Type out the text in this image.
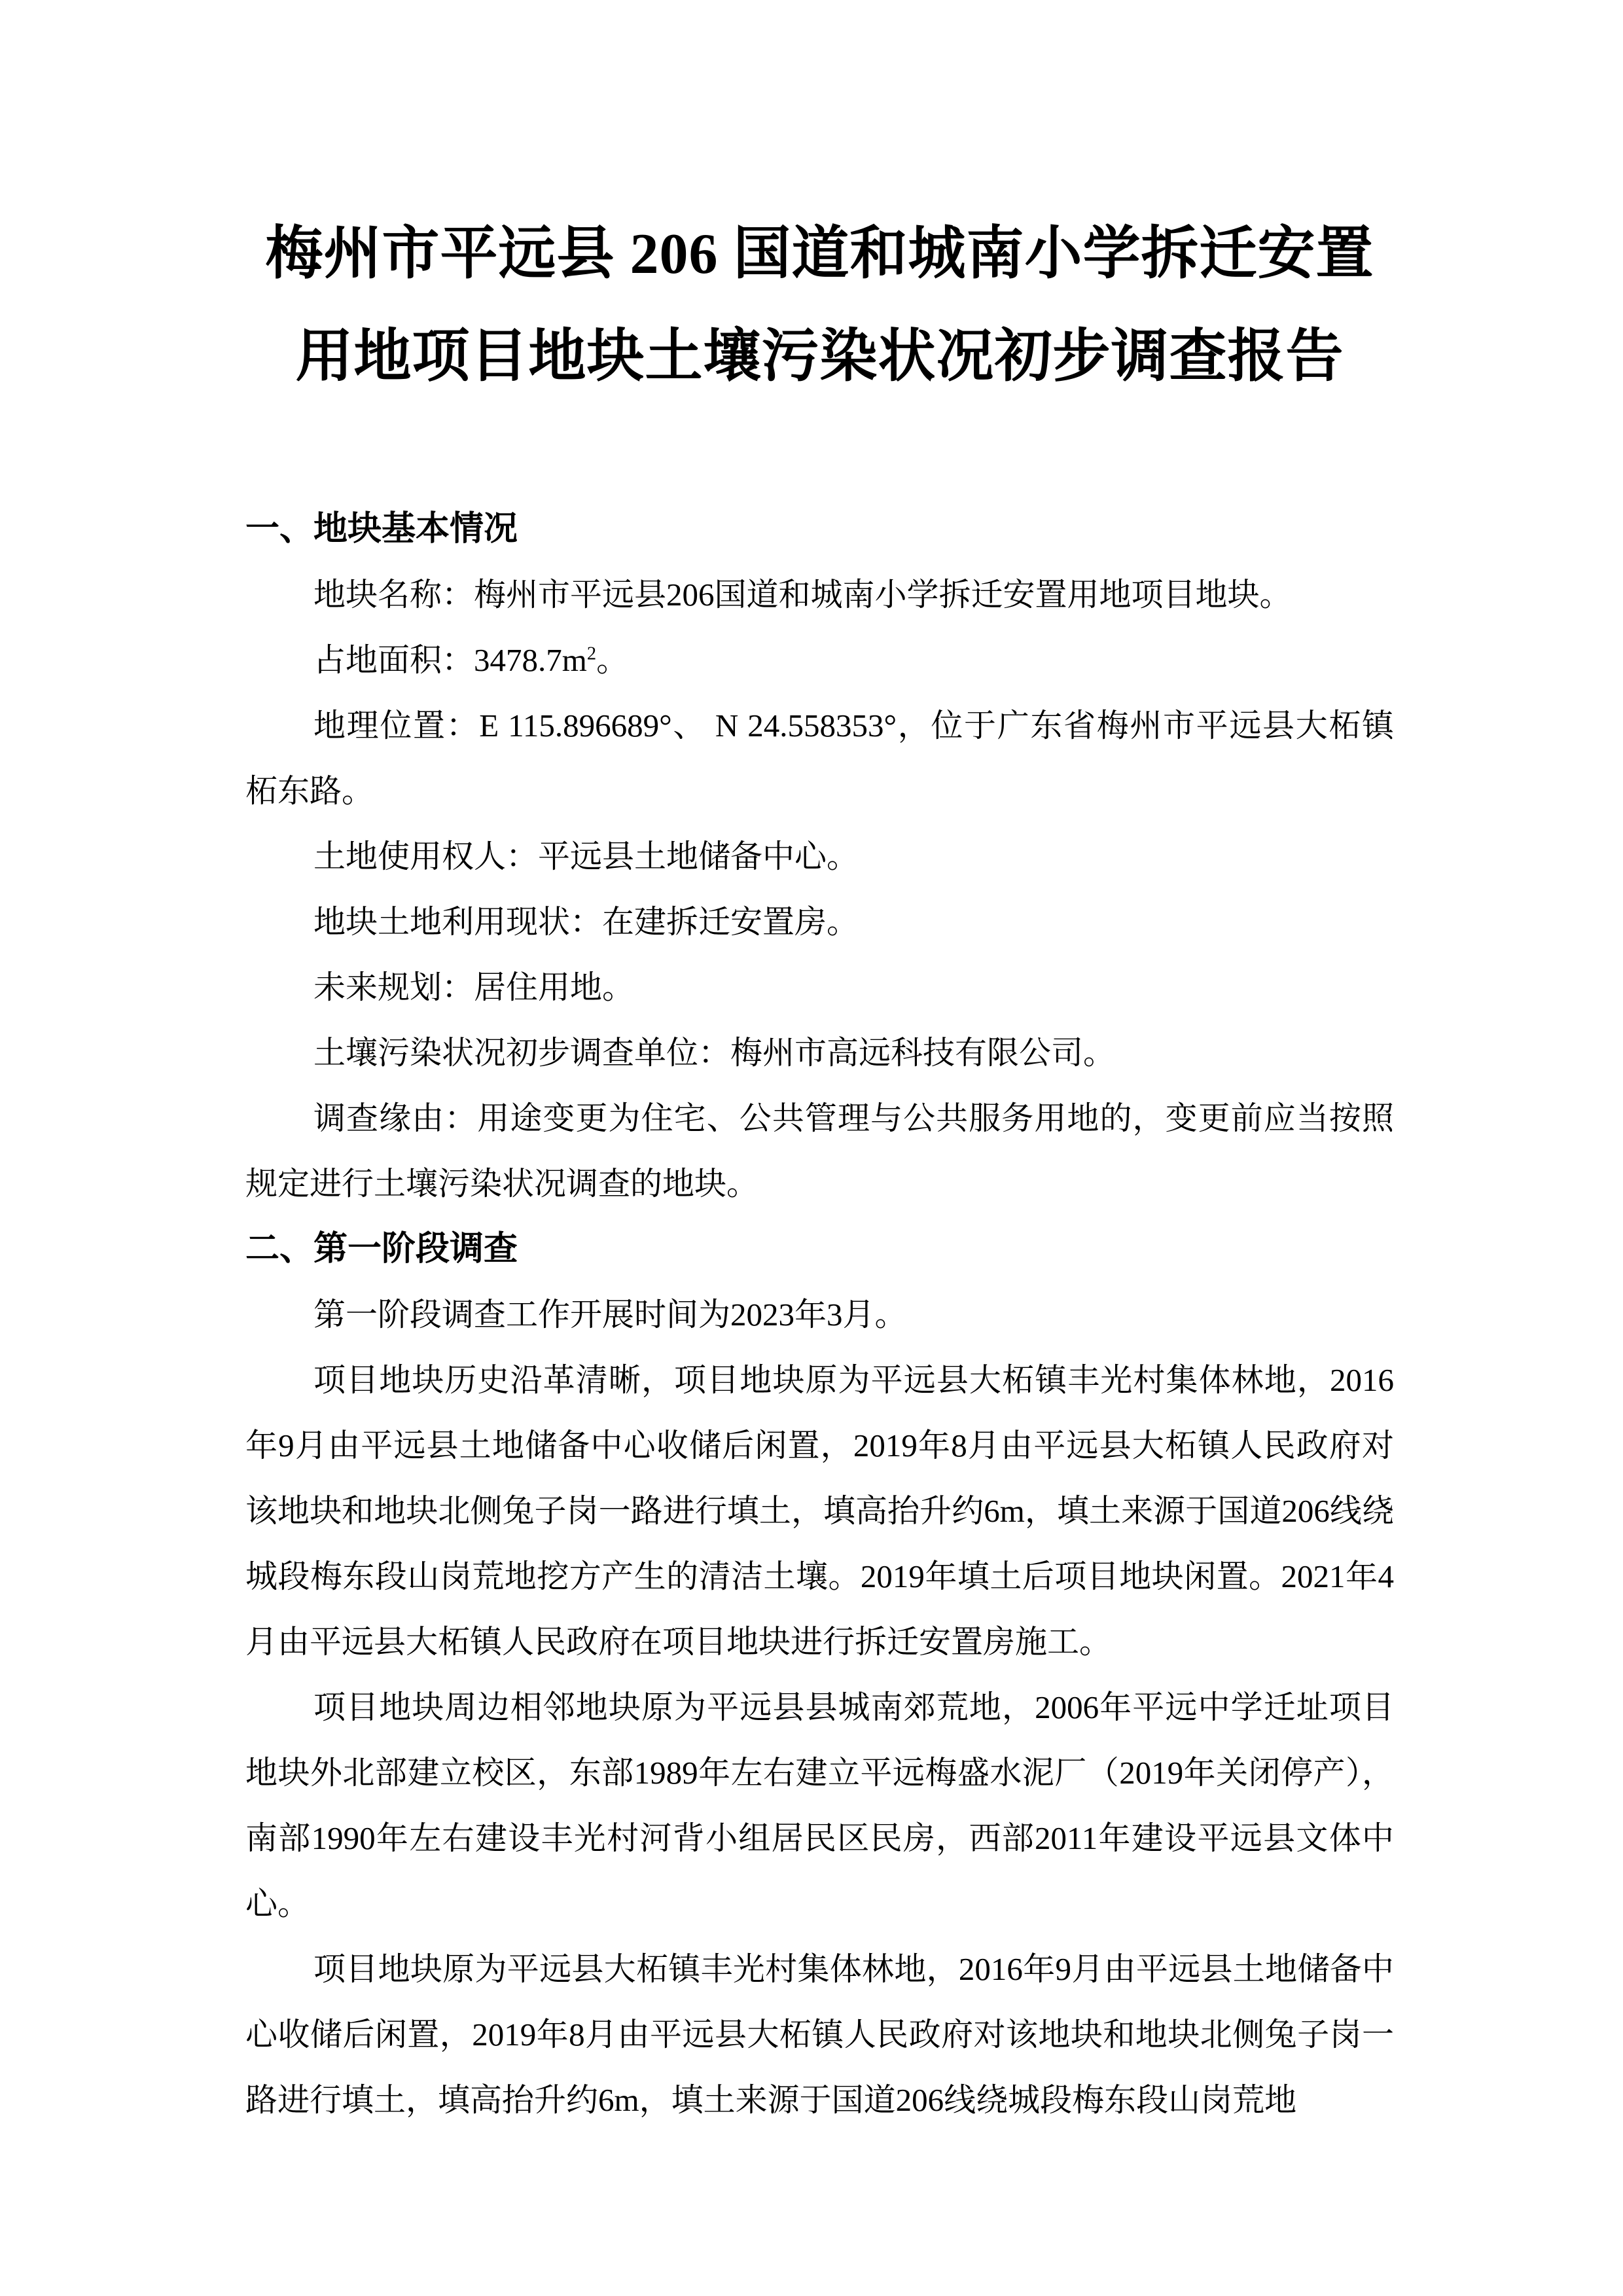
梅州市平远县 206 国道和城南小学拆迁安置
用地项目地块土壤污染状况初步调查报告
一、地块基本情况

地块名称：梅州市平远县206国道和城南小学拆迁安置用地项目地块。

占地面积：$3478.7m^2$。

地理位置：E 115.896689°、 N 24.558353°，位于广东省梅州市平远县大柘镇柘东路。

土地使用权人：平远县土地储备中心。

地块土地利用现状：在建拆迁安置房。

未来规划：居住用地。

土壤污染状况初步调查单位：梅州市高远科技有限公司。

调查缘由：用途变更为住宅、公共管理与公共服务用地的，变更前应当按照规定进行土壤污染状况调查的地块。

二、第一阶段调查

第一阶段调查工作开展时间为2023年3月。

项目地块历史沿革清晰，项目地块原为平远县大柘镇丰光村集体林地，2016年9月由平远县土地储备中心收储后闲置，2019年8月由平远县大柘镇人民政府对该地块和地块北侧兔子岗一路进行填土，填高抬升约6m，填土来源于国道206线绕城段梅东段山岗荒地挖方产生的清洁土壤。2019年填土后项目地块闲置。2021年4月由平远县大柘镇人民政府在项目地块进行拆迁安置房施工。

项目地块周边相邻地块原为平远县县城南郊荒地，2006年平远中学迁址项目地块外北部建立校区，东部1989年左右建立平远梅盛水泥厂（2019年关闭停产），南部1990年左右建设丰光村河背小组居民区民房，西部2011年建设平远县文体中心。

项目地块原为平远县大柘镇丰光村集体林地，2016年9月由平远县土地储备中心收储后闲置，2019年8月由平远县大柘镇人民政府对该地块和地块北侧兔子岗一路进行填土，填高抬升约6m，填土来源于国道206线绕城段梅东段山岗荒地
